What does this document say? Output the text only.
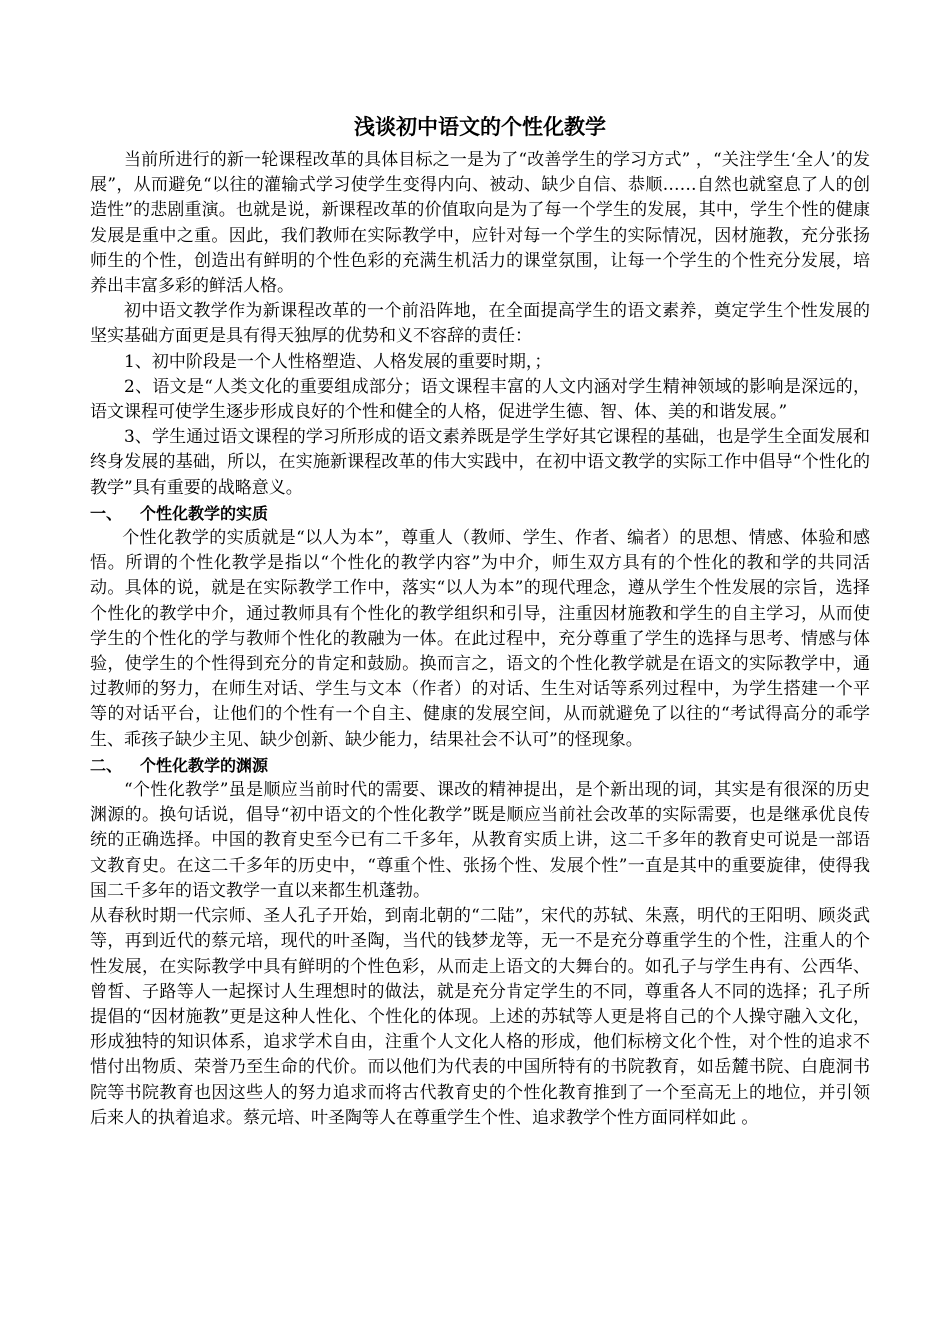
浅谈初中语文的个性化教学

当前所进行的新一轮课程改革的具体目标之一是为了“改善学生的学习方式” ，“关注学生‘全人’的发展”，从而避免“以往的灌输式学习使学生变得内向、被动、缺少自信、恭顺……自然也就窒息了人的创造性”的悲剧重演。也就是说，新课程改革的价值取向是为了每一个学生的发展，其中，学生个性的健康发展是重中之重。因此，我们教师在实际教学中，应针对每一个学生的实际情况，因材施教，充分张扬师生的个性，创造出有鲜明的个性色彩的充满生机活力的课堂氛围，让每一个学生的个性充分发展，培养出丰富多彩的鲜活人格。

初中语文教学作为新课程改革的一个前沿阵地，在全面提高学生的语文素养，奠定学生个性发展的坚实基础方面更是具有得天独厚的优势和义不容辞的责任：

1、初中阶段是一个人性格塑造、人格发展的重要时期，；

2、语文是“人类文化的重要组成部分；语文课程丰富的人文内涵对学生精神领域的影响是深远的，语文课程可使学生逐步形成良好的个性和健全的人格，促进学生德、智、体、美的和谐发展。”

3、学生通过语文课程的学习所形成的语文素养既是学生学好其它课程的基础，也是学生全面发展和终身发展的基础，所以，在实施新课程改革的伟大实践中，在初中语文教学的实际工作中倡导“个性化的教学”具有重要的战略意义。

一、 个性化教学的实质

个性化教学的实质就是“以人为本”，尊重人（教师、学生、作者、编者）的思想、情感、体验和感悟。所谓的个性化教学是指以“个性化的教学内容”为中介，师生双方具有的个性化的教和学的共同活动。具体的说，就是在实际教学工作中，落实“以人为本”的现代理念，遵从学生个性发展的宗旨，选择个性化的教学中介，通过教师具有个性化的教学组织和引导，注重因材施教和学生的自主学习，从而使学生的个性化的学与教师个性化的教融为一体。在此过程中，充分尊重了学生的选择与思考、情感与体验，使学生的个性得到充分的肯定和鼓励。换而言之，语文的个性化教学就是在语文的实际教学中，通过教师的努力，在师生对话、学生与文本（作者）的对话、生生对话等系列过程中，为学生搭建一个平等的对话平台，让他们的个性有一个自主、健康的发展空间，从而就避免了以往的“考试得高分的乖学生、乖孩子缺少主见、缺少创新、缺少能力，结果社会不认可”的怪现象。

二、 个性化教学的渊源

“个性化教学”虽是顺应当前时代的需要、课改的精神提出，是个新出现的词，其实是有很深的历史渊源的。换句话说，倡导“初中语文的个性化教学”既是顺应当前社会改革的实际需要，也是继承优良传统的正确选择。中国的教育史至今已有二千多年，从教育实质上讲，这二千多年的教育史可说是一部语文教育史。在这二千多年的历史中，“尊重个性、张扬个性、发展个性”一直是其中的重要旋律，使得我国二千多年的语文教学一直以来都生机蓬勃。

从春秋时期一代宗师、圣人孔子开始，到南北朝的“二陆”，宋代的苏轼、朱熹，明代的王阳明、顾炎武等，再到近代的蔡元培，现代的叶圣陶，当代的钱梦龙等，无一不是充分尊重学生的个性，注重人的个性发展，在实际教学中具有鲜明的个性色彩，从而走上语文的大舞台的。如孔子与学生冉有、公西华、曾皙、子路等人一起探讨人生理想时的做法，就是充分肯定学生的不同，尊重各人不同的选择；孔子所提倡的“因材施教”更是这种人性化、个性化的体现。上述的苏轼等人更是将自己的个人操守融入文化，形成独特的知识体系，追求学术自由，注重个人文化人格的形成，他们标榜文化个性，对个性的追求不惜付出物质、荣誉乃至生命的代价。而以他们为代表的中国所特有的书院教育，如岳麓书院、白鹿洞书院等书院教育也因这些人的努力追求而将古代教育史的个性化教育推到了一个至高无上的地位，并引领后来人的执着追求。蔡元培、叶圣陶等人在尊重学生个性、追求教学个性方面同样如此 。
